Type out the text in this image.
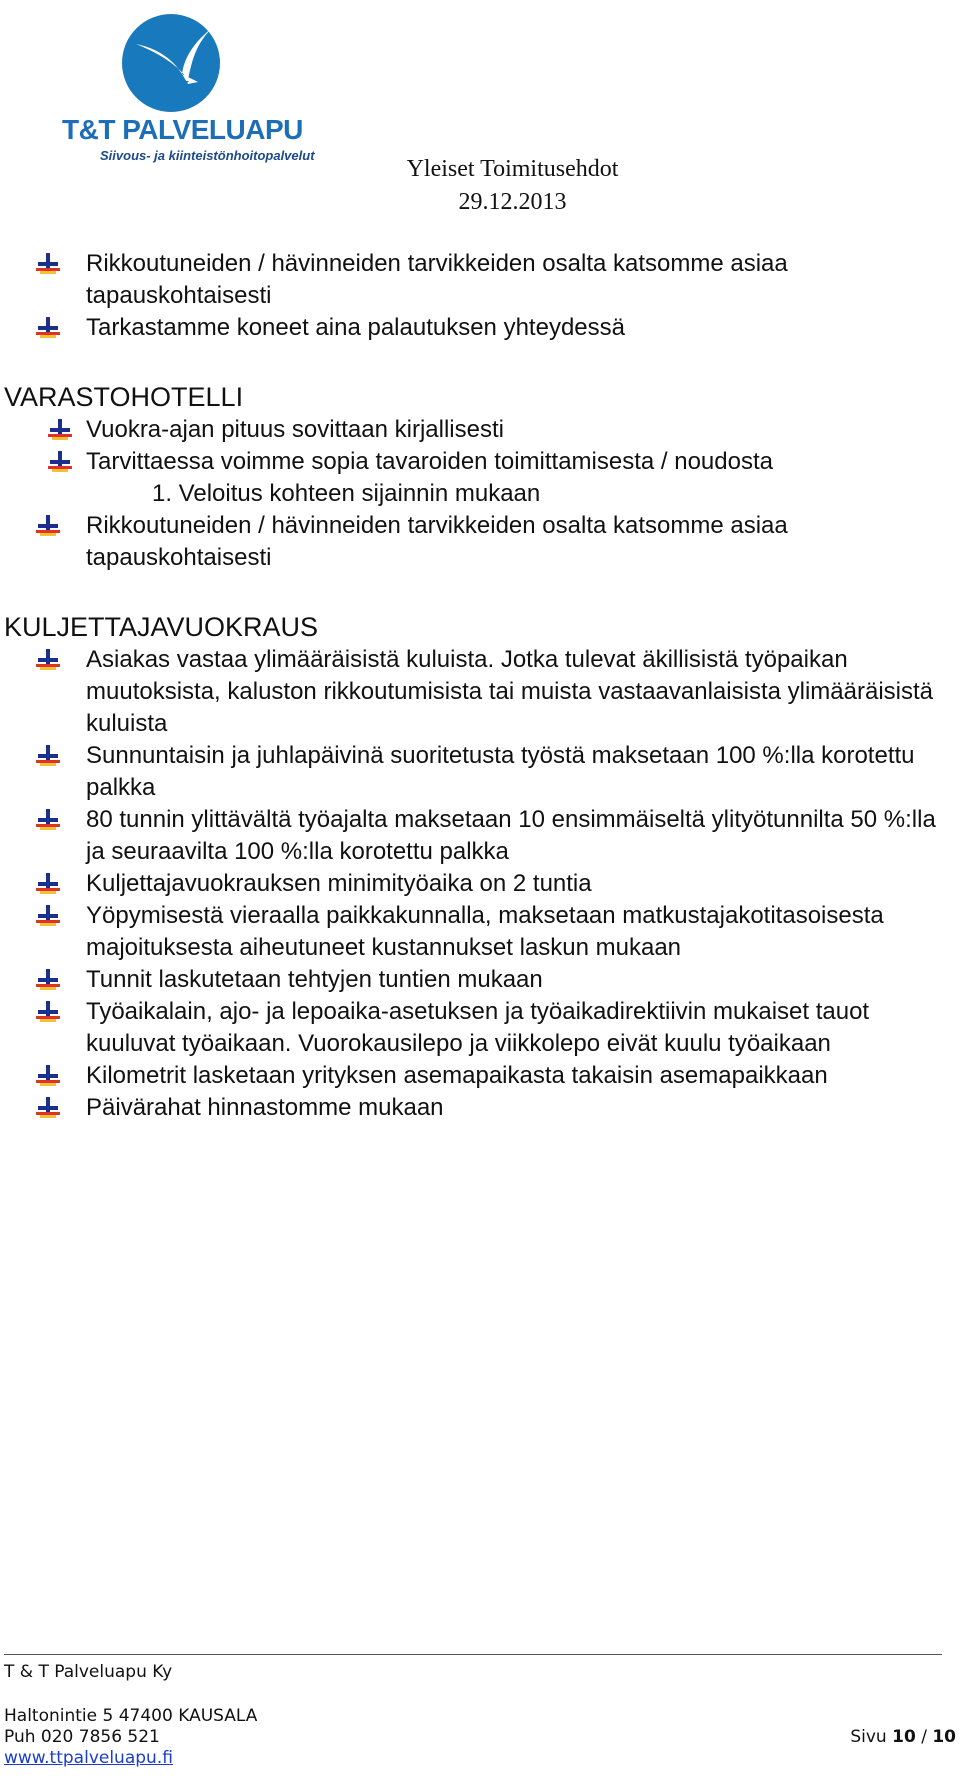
&
T&T PALVELUAPU
Siivous- ja kiinteistönhoitopalvelut
Yleiset Toimitusehdot
29.12.2013
Rikkoutuneiden / hävinneiden tarvikkeiden osalta katsomme asiaa tapauskohtaisesti
Tarkastamme koneet aina palautuksen yhteydessä
VARASTOHOTELLI
Vuokra-ajan pituus sovittaan kirjallisesti
Tarvittaessa voimme sopia tavaroiden toimittamisesta / noudosta

1. Veloitus kohteen sijainnin mukaan

Rikkoutuneiden / hävinneiden tarvikkeiden osalta katsomme asiaa tapauskohtaisesti
KULJETTAJAVUOKRAUS
Asiakas vastaa ylimääräisistä kuluista. Jotka tulevat äkillisistä työpaikan muutoksista, kaluston rikkoutumisista tai muista vastaavanlaisista ylimääräisistä kuluista
Sunnuntaisin ja juhlapäivinä suoritetusta työstä maksetaan 100 %:lla korotettu palkka
80 tunnin ylittävältä työajalta maksetaan 10 ensimmäiseltä ylityötunnilta 50 %:lla ja seuraavilta 100 %:lla korotettu palkka
Kuljettajavuokrauksen minimityöaika on 2 tuntia
Yöpymisestä vieraalla paikkakunnalla, maksetaan matkustajakotitasoisesta majoituksesta aiheutuneet kustannukset laskun mukaan
Tunnit laskutetaan tehtyjen tuntien mukaan
Työaikalain, ajo- ja lepoaika-asetuksen ja työaikadirektiivin mukaiset tauot kuuluvat työaikaan. Vuorokausilepo ja viikkolepo eivät kuulu työaikaan
Kilometrit lasketaan yrityksen asemapaikasta takaisin asemapaikkaan
Päivärahat hinnastomme mukaan
T & T Palveluapu Ky
Haltonintie 5 47400 KAUSALA
Puh 020 7856 521
www.ttpalveluapu.fi
Sivu 10 / 10
